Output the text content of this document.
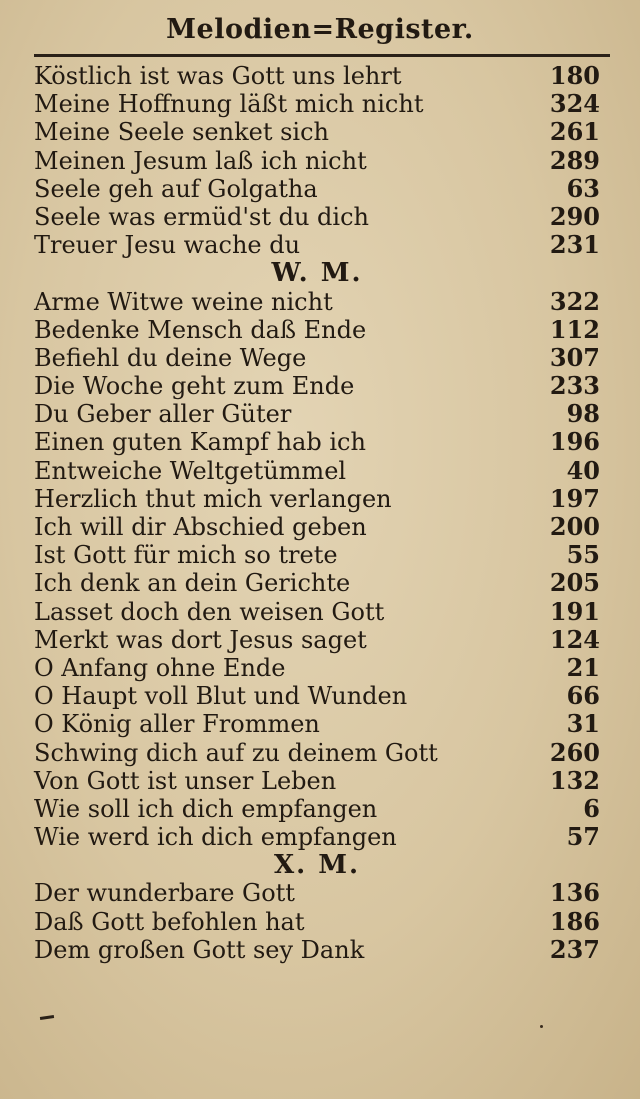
Melodien=Register.
Köstlich ist was Gott uns lehrt	180
Meine Hoffnung läßt mich nicht	324
Meine Seele senket sich	261
Meinen Jesum laß ich nicht	289
Seele geh auf Golgatha	63
Seele was ermüd'st du dich	290
Treuer Jesu wache du	231
W. M.
Arme Witwe weine nicht	322
Bedenke Mensch daß Ende	112
Befiehl du deine Wege	307
Die Woche geht zum Ende	233
Du Geber aller Güter	98
Einen guten Kampf hab ich	196
Entweiche Weltgetümmel	40
Herzlich thut mich verlangen	197
Ich will dir Abschied geben	200
Ist Gott für mich so trete	55
Ich denk an dein Gerichte	205
Lasset doch den weisen Gott	191
Merkt was dort Jesus saget	124
O Anfang ohne Ende	21
O Haupt voll Blut und Wunden	66
O König aller Frommen	31
Schwing dich auf zu deinem Gott	260
Von Gott ist unser Leben	132
Wie soll ich dich empfangen	6
Wie werd ich dich empfangen	57
X. M.
Der wunderbare Gott	136
Daß Gott befohlen hat	186
Dem großen Gott sey Dank	237
